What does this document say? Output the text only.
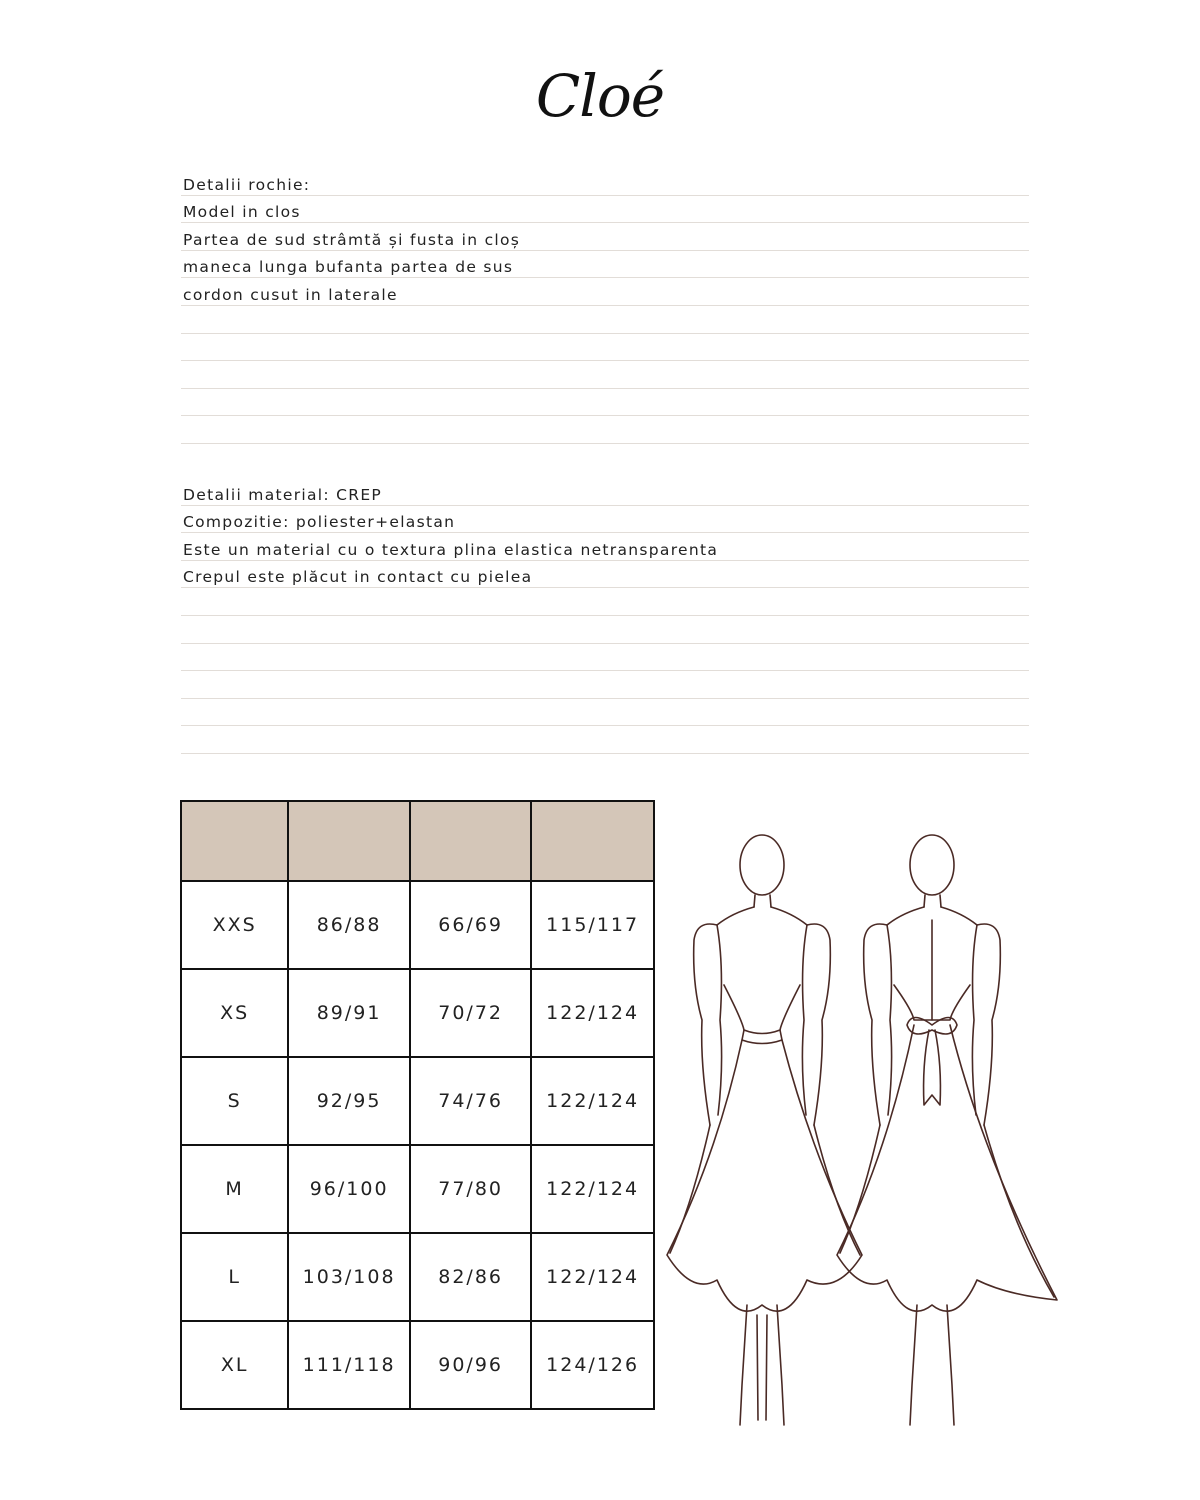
Cloé
Detalii rochie:
Model in clos
Partea de sud strâmtă și fusta in cloș
maneca lunga bufanta partea de sus
cordon cusut in laterale
Detalii material: CREP
Compozitie: poliester+elastan
Este un material cu o textura plina elastica netransparenta
Crepul este plăcut in contact cu pielea

XXS	86/88	66/69	115/117
XS	89/91	70/72	122/124
S	92/95	74/76	122/124
M	96/100	77/80	122/124
L	103/108	82/86	122/124
XL	111/118	90/96	124/126
